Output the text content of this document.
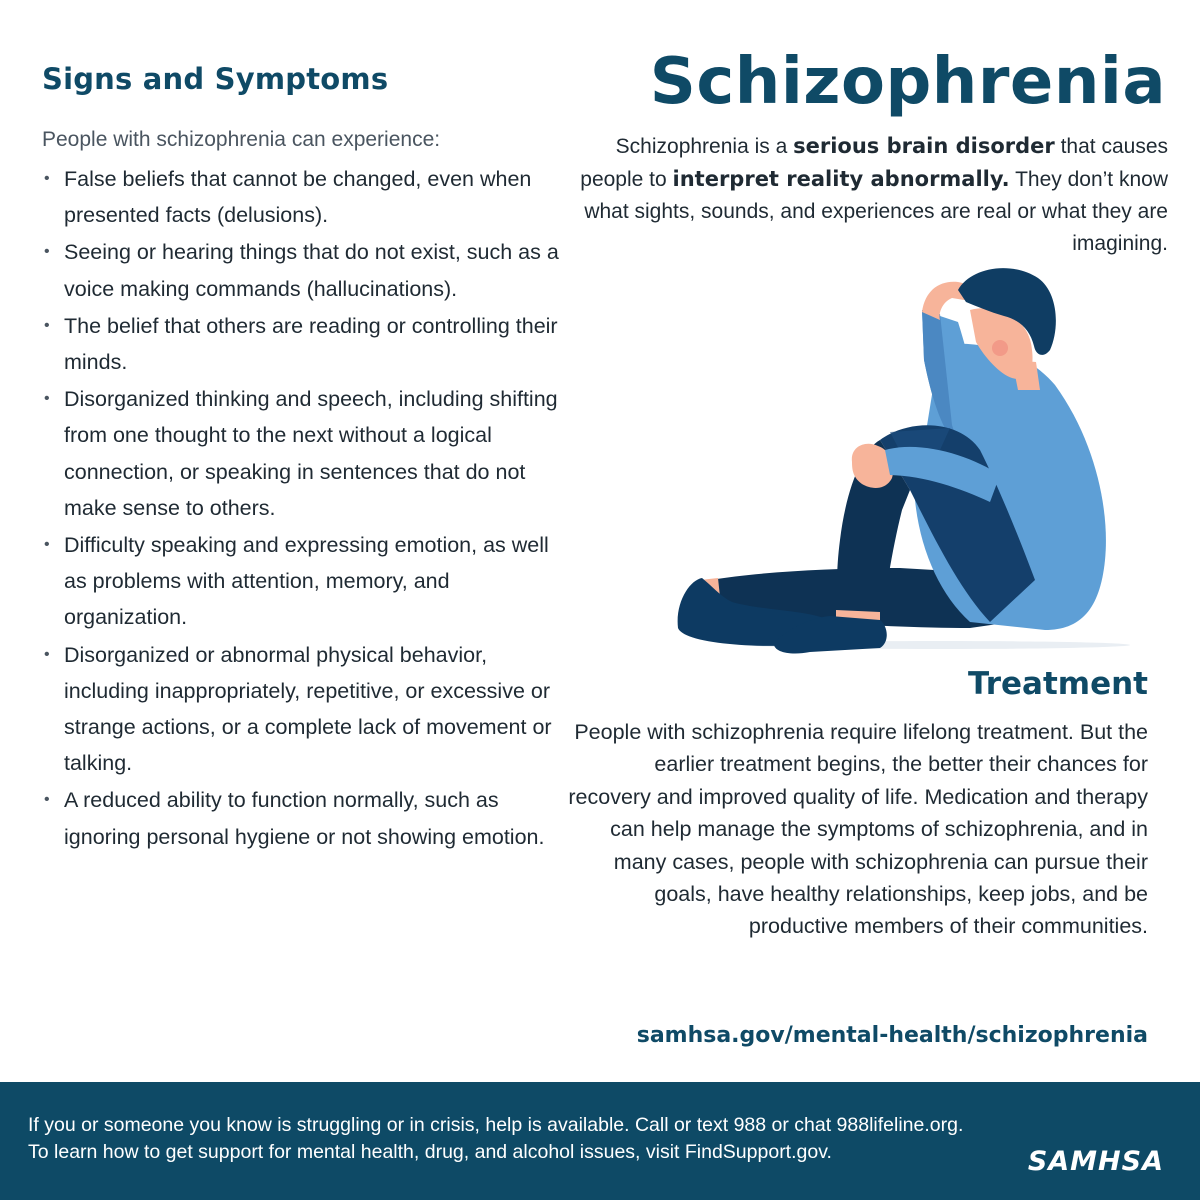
Signs and Symptoms

People with schizophrenia can experience:

• False beliefs that cannot be changed, even when presented facts (delusions).
• Seeing or hearing things that do not exist, such as a voice making commands (hallucinations).
• The belief that others are reading or controlling their minds.
• Disorganized thinking and speech, including shifting from one thought to the next without a logical connection, or speaking in sentences that do not make sense to others.
• Difficulty speaking and expressing emotion, as well as problems with attention, memory, and organization.
• Disorganized or abnormal physical behavior, including inappropriately, repetitive, or excessive or strange actions, or a complete lack of movement or talking.
• A reduced ability to function normally, such as ignoring personal hygiene or not showing emotion.
Schizophrenia

Schizophrenia is a serious brain disorder that causes people to interpret reality abnormally. They don’t know what sights, sounds, and experiences are real or what they are imagining.

Treatment

People with schizophrenia require lifelong treatment. But the earlier treatment begins, the better their chances for recovery and improved quality of life. Medication and therapy can help manage the symptoms of schizophrenia, and in many cases, people with schizophrenia can pursue their goals, have healthy relationships, keep jobs, and be productive members of their communities.

samhsa.gov/mental-health/schizophrenia

If you or someone you know is struggling or in crisis, help is available. Call or text 988 or chat 988lifeline.org.
To learn how to get support for mental health, drug, and alcohol issues, visit FindSupport.gov.	SAMHSA
